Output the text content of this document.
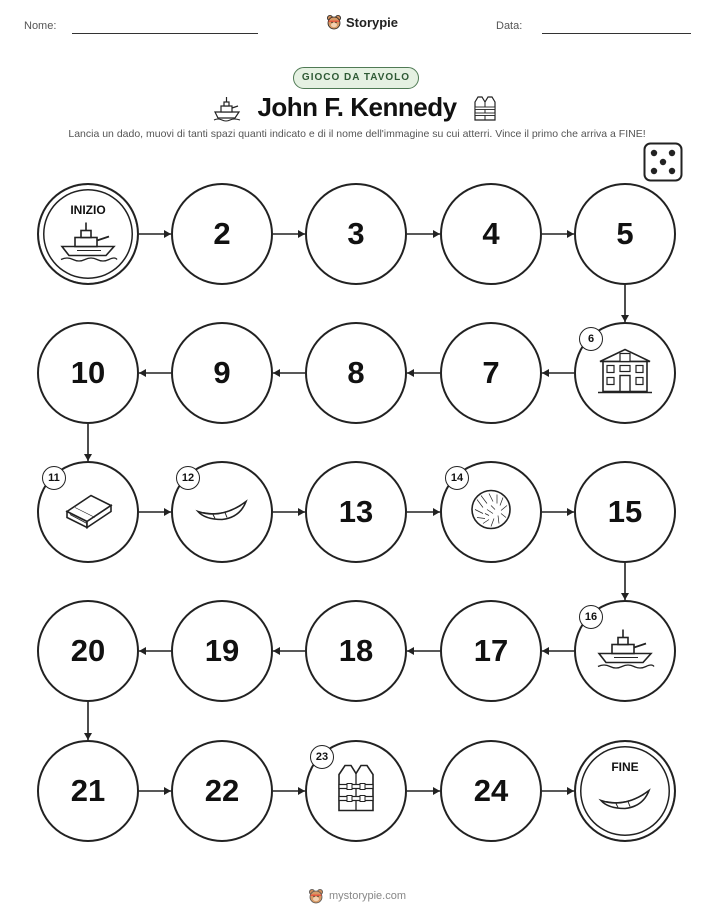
Nome:	Storypie	Data:
GIOCO DA TAVOLO
John F. Kennedy
Lancia un dado, muovi di tanti spazi quanti indicato e di il nome dell'immagine su cui atterri. Vince il primo che arriva a FINE!
INIZIO
2	3	4	5
6
7
8
9
10
11	12
13
14
15
16
17
18
19
20
21	22
23
24
FINE
mystorypie.com
